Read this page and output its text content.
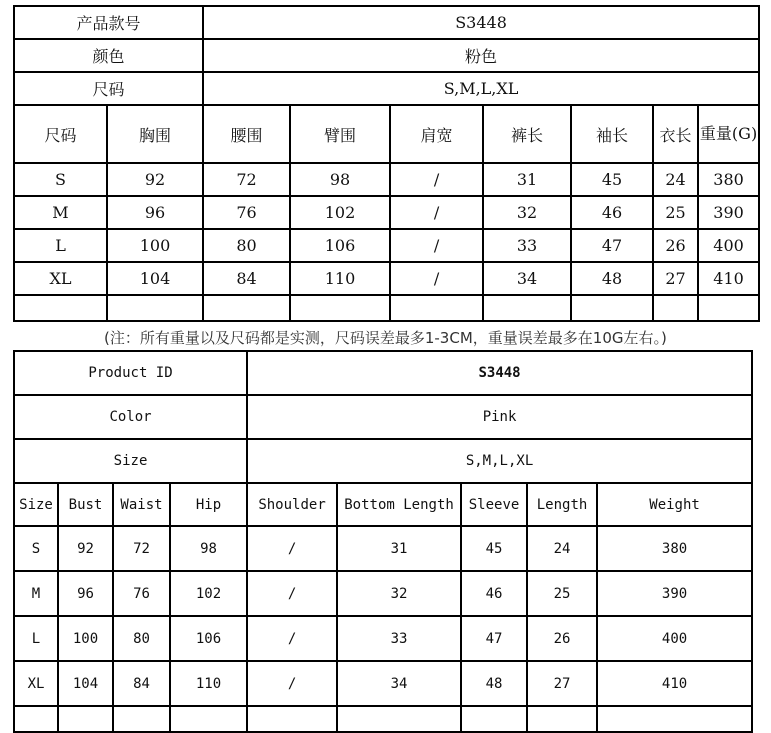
产品款号		S3448						
颜色		粉色						
尺码		S,M,L,XL						
尺码	胸围	腰围	臂围	肩宽	裤长	袖长	衣长	重量(G)
S	92	72	98	/	31	45	24	380
M	96	76	102	/	32	46	25	390
L	100	80	106	/	33	47	26	400
XL	104	84	110	/	34	48	27	410

(注：所有重量以及尺码都是实测，尺码误差最多1-3CM，重量误差最多在10G左右。)
Product ID				S3448				
Color				Pink				
Size				S,M,L,XL				
Size	Bust	Waist	Hip	Shoulder	Bottom Length	Sleeve	Length	Weight
S	92	72	98	/	31	45	24	380
M	96	76	102	/	32	46	25	390
L	100	80	106	/	33	47	26	400
XL	104	84	110	/	34	48	27	410
